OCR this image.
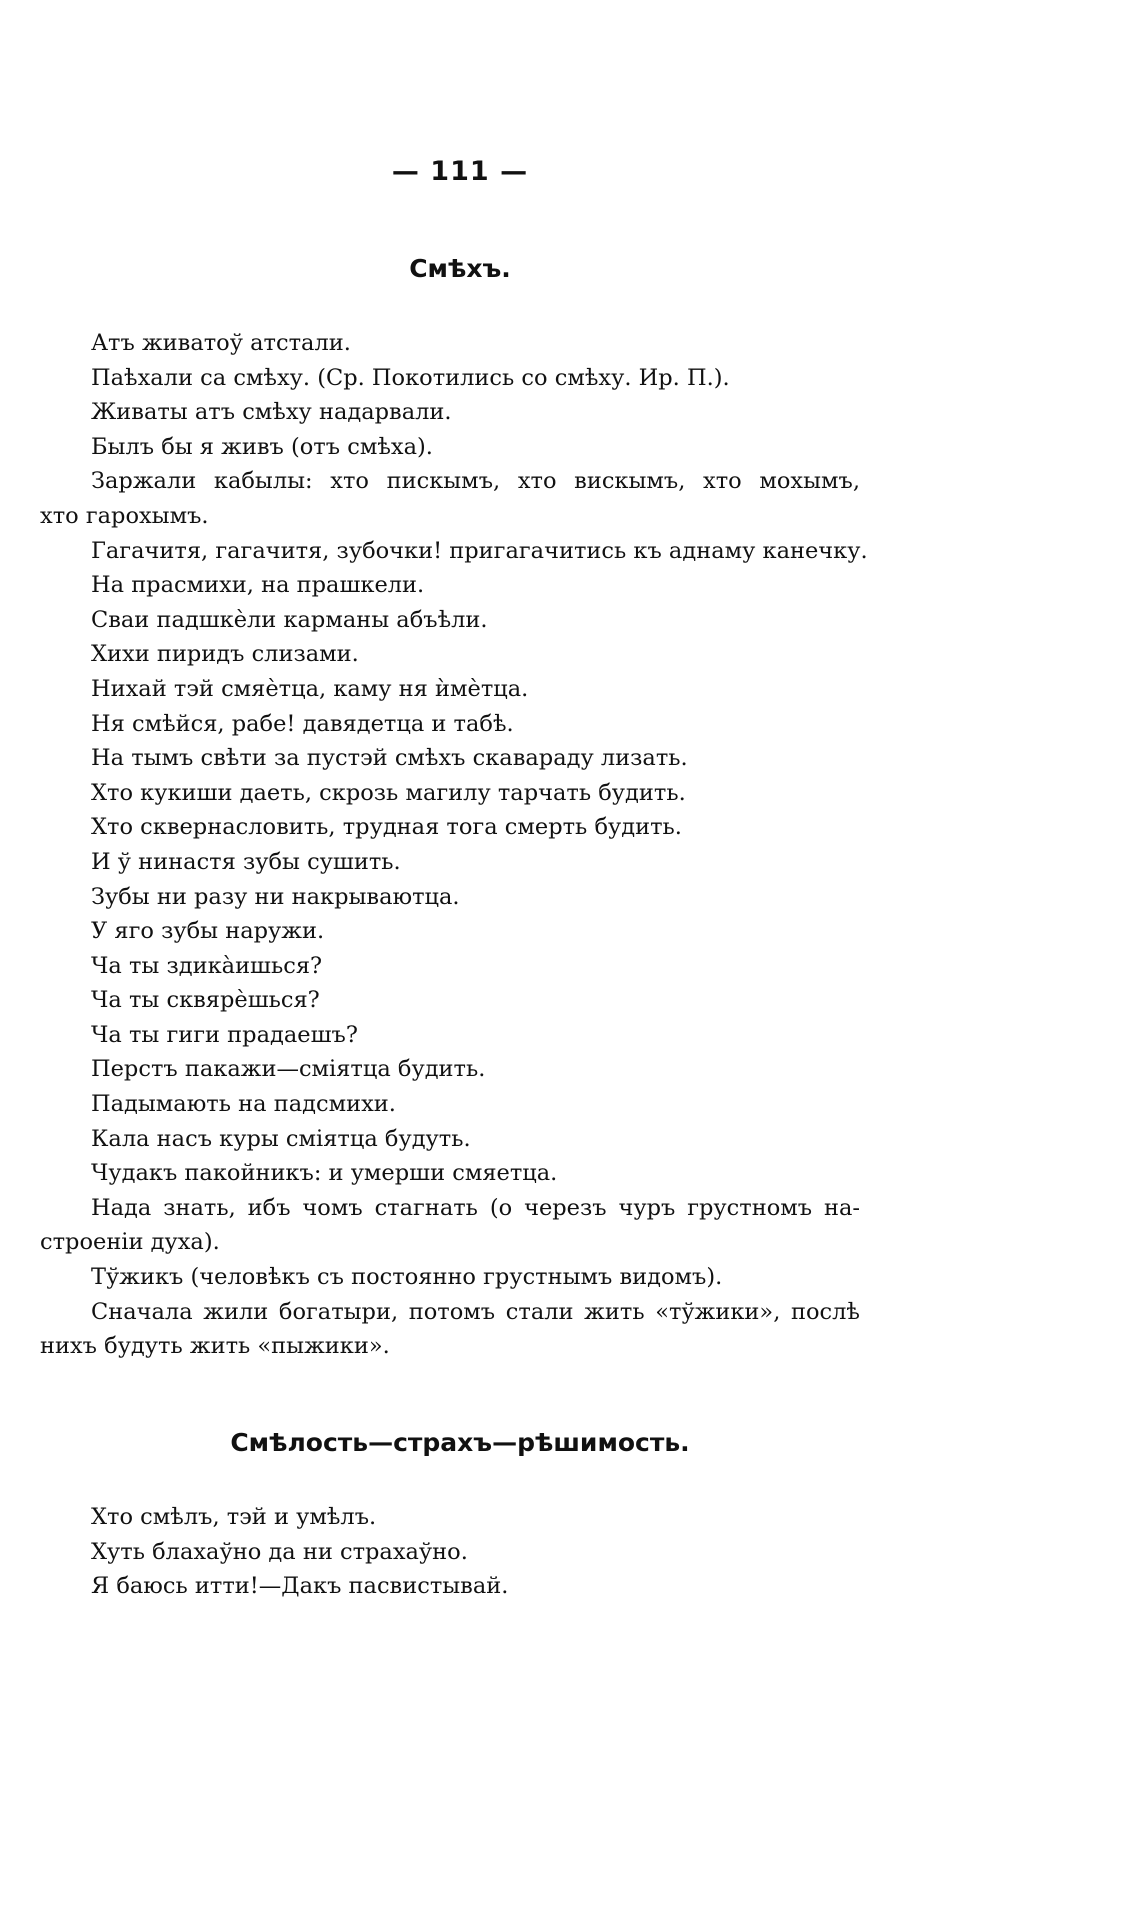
— 111 —
Смѣхъ.
Атъ живатоў атстали.
Паѣхали са смѣху. (Ср. Покотились со смѣху. Ир. П.).
Живаты атъ смѣху надарвали.
Былъ бы я живъ (отъ смѣха).
Заржали кабылы: хто пискымъ, хто вискымъ, хто мохымъ,
хто гарохымъ.
Гагачитя, гагачитя, зубочки! пригагачитись къ аднаму канечку.
На прасмихи, на прашкели.
Сваи падшкѐли карманы абъѣли.
Хихи пиридъ слизами.
Нихай тэй смяѐтца, каму ня ѝмѐтца.
Ня смѣйся, рабе! давядетца и табѣ.
На тымъ свѣти за пустэй смѣхъ скавараду лизать.
Хто кукиши даеть, скрозь магилу тарчать будить.
Хто сквернасловить, трудная тога смерть будить.
И ў нинастя зубы сушить.
Зубы ни разу ни накрываютца.
У яго зубы наружи.
Ча ты здикàишься?
Ча ты сквярѐшься?
Ча ты гиги прадаешъ?
Перстъ пакажи—сміятца будить.
Падымають на падсмихи.
Кала насъ куры сміятца будуть.
Чудакъ пакойникъ: и умерши смяетца.
Нада знать, ибъ чомъ стагнать (о черезъ чуръ грустномъ на-
строеніи духа).
Тўжикъ (человѣкъ съ постоянно грустнымъ видомъ).
Сначала жили богатыри, потомъ стали жить «тўжики», послѣ
нихъ будуть жить «пыжики».
Смѣлость—страхъ—рѣшимость.
Хто смѣлъ, тэй и умѣлъ.
Хуть блахаўно да ни страхаўно.
Я баюсь итти!—Дакъ пасвистывай.
